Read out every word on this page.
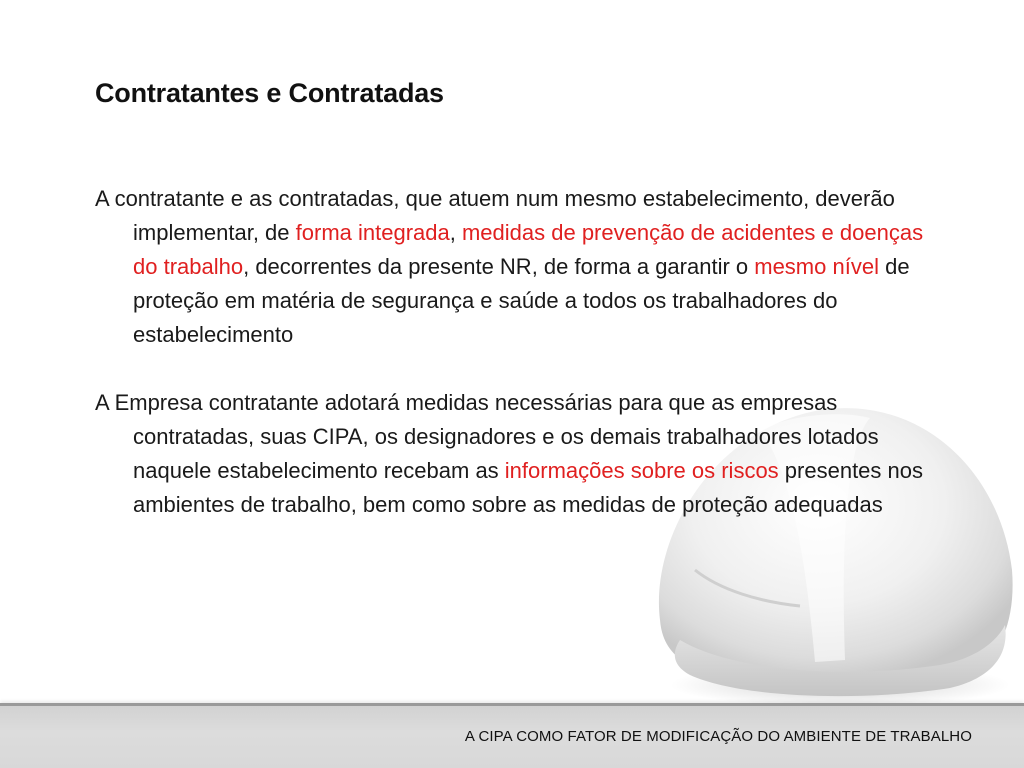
Contratantes e Contratadas

A contratante e as contratadas, que atuem num mesmo estabelecimento, deverão implementar, de forma integrada, medidas de prevenção de acidentes e doenças do trabalho, decorrentes da presente NR, de forma a garantir o mesmo nível de proteção em matéria de segurança e saúde a todos os trabalhadores do estabelecimento

A Empresa contratante adotará medidas necessárias para que as empresas contratadas, suas CIPA, os designadores e os demais trabalhadores lotados naquele estabelecimento recebam as informações sobre os riscos presentes nos ambientes de trabalho, bem como sobre as medidas de proteção adequadas

A CIPA COMO FATOR DE MODIFICAÇÃO DO AMBIENTE DE TRABALHO
